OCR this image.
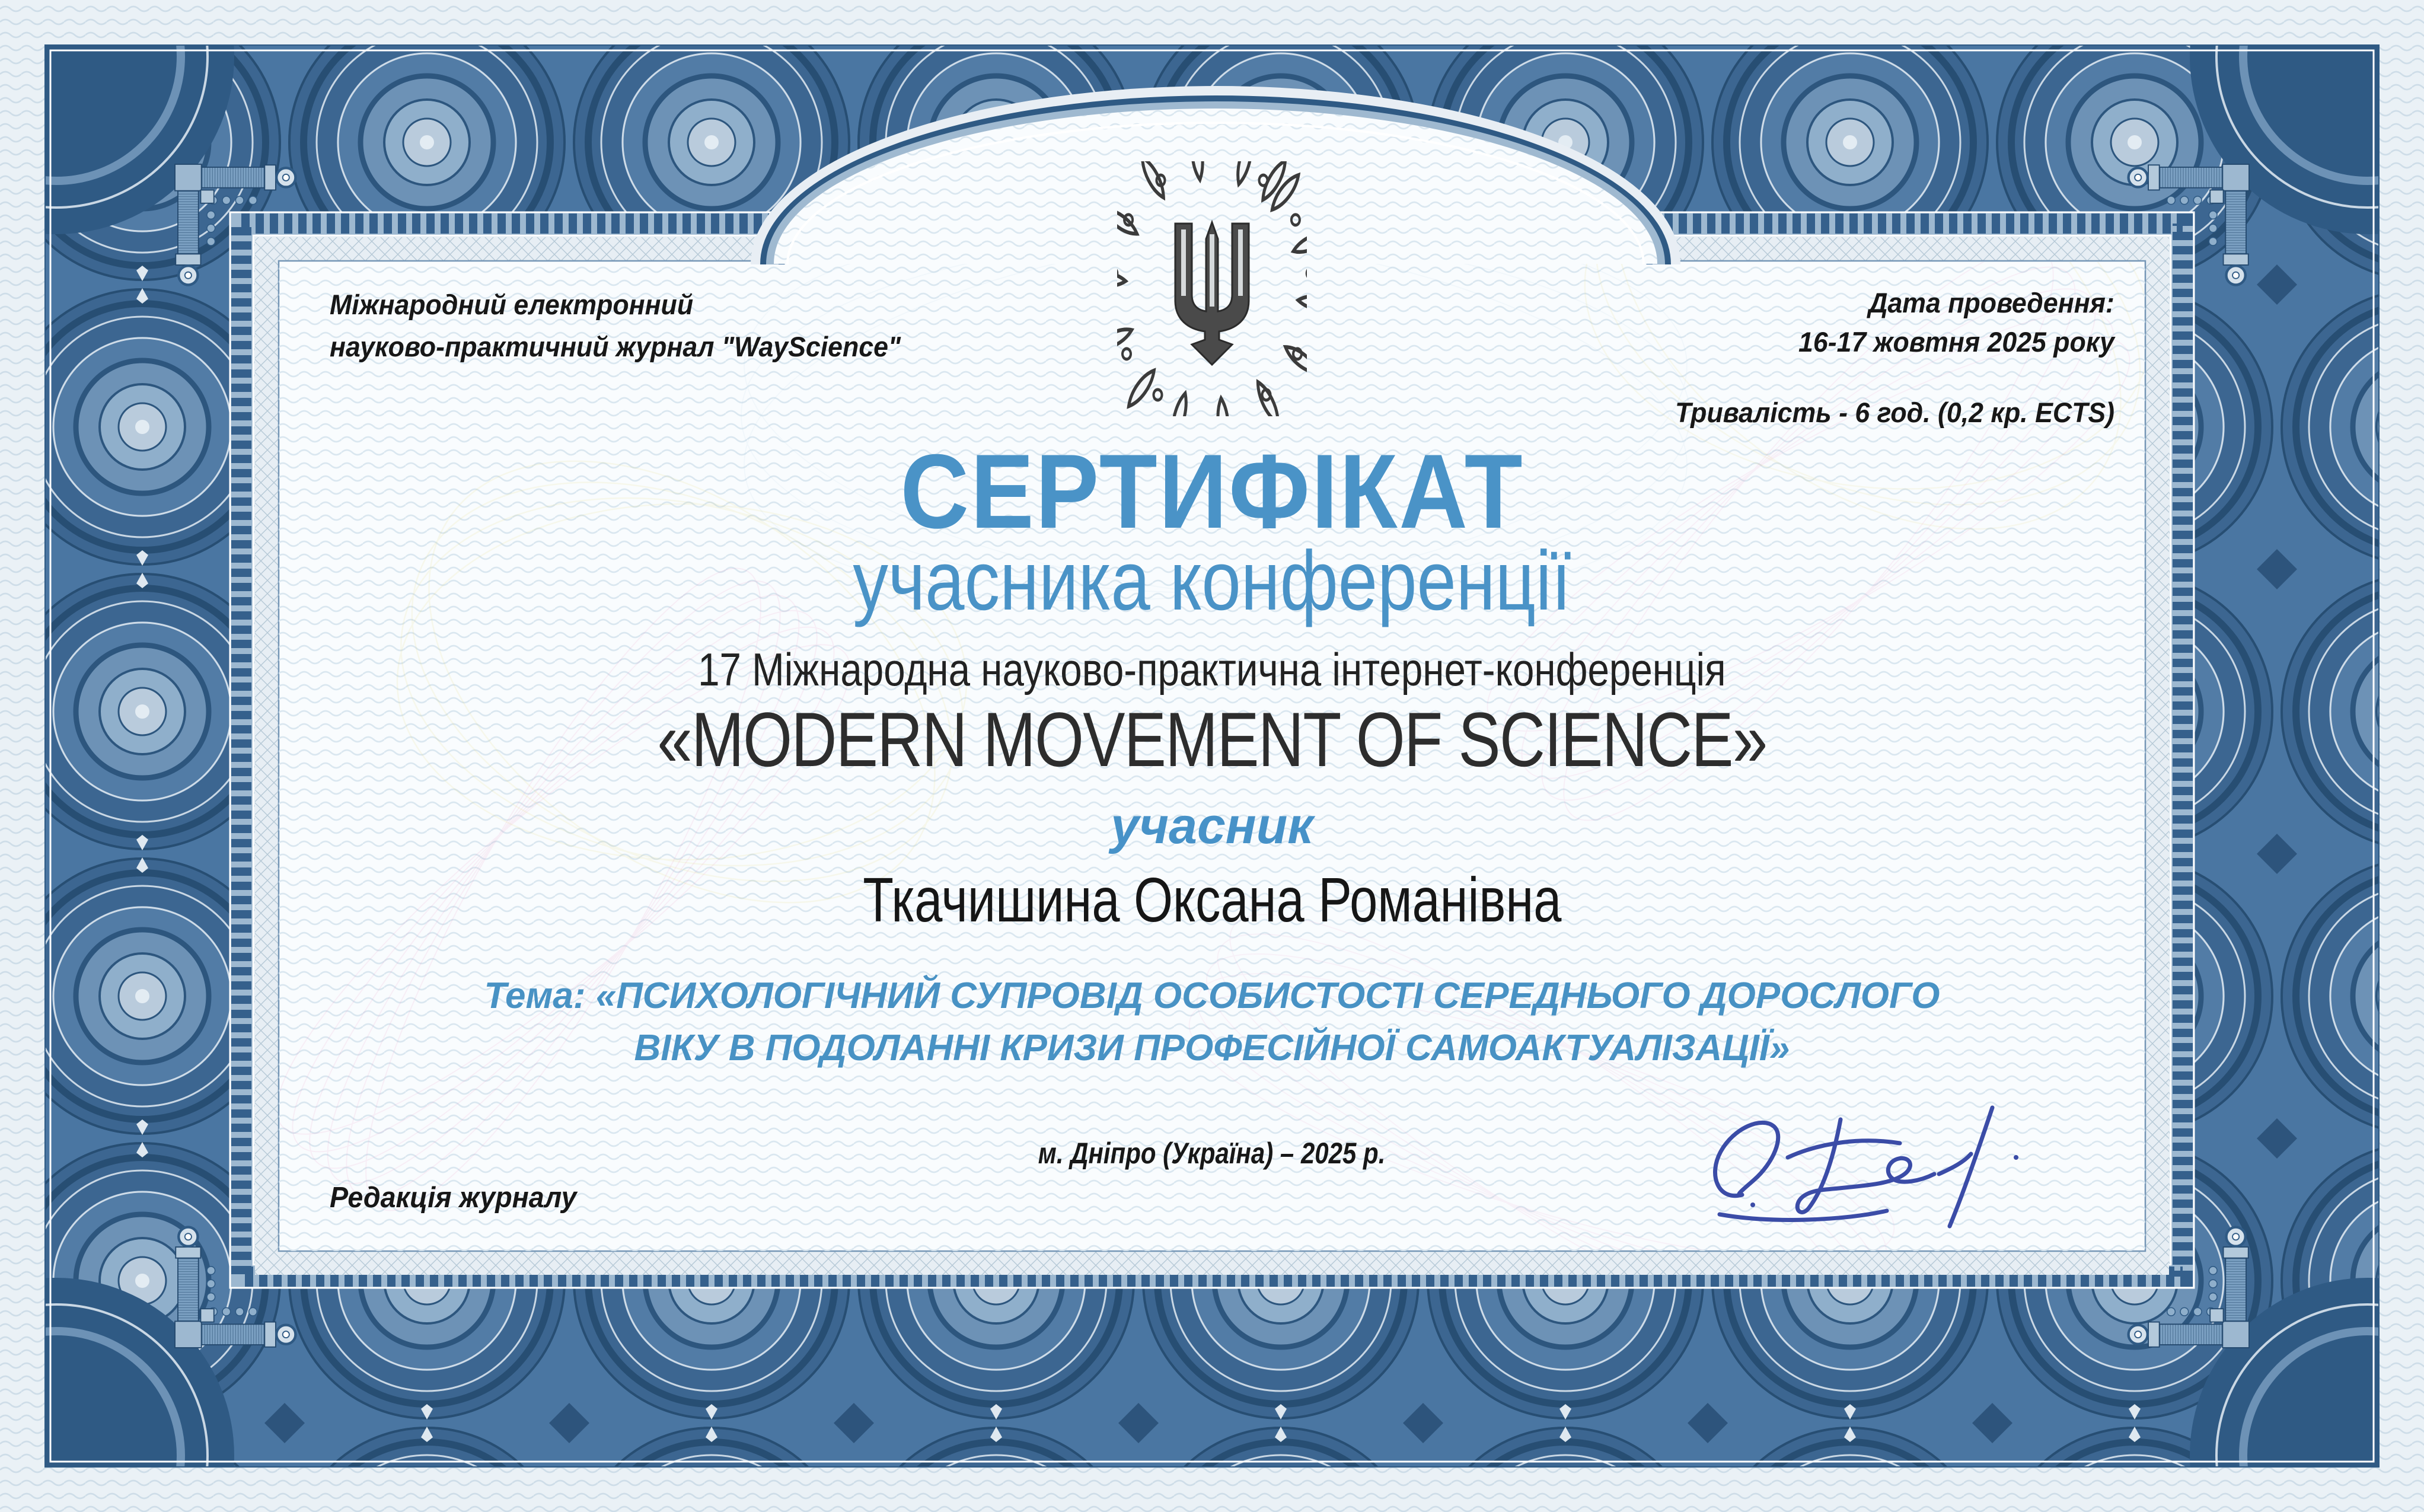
Міжнародний електронний
науково-практичний журнал "WayScience"
Дата проведення:
16-17 жовтня 2025 року
Тривалість - 6 год. (0,2 кр. ECTS)
СЕРТИФІКАТ
учасника конференції
17 Міжнародна науково-практична інтернет-конференція
«MODERN MOVEMENT OF SCIENCE»
учасник
Ткачишина Оксана Романівна
Тема: «ПСИХОЛОГІЧНИЙ СУПРОВІД ОСОБИСТОСТІ СЕРЕДНЬОГО ДОРОСЛОГО
ВІКУ В ПОДОЛАННІ КРИЗИ ПРОФЕСІЙНОЇ САМОАКТУАЛІЗАЦІЇ»
м. Дніпро (Україна) – 2025 р.
Редакція журналу
